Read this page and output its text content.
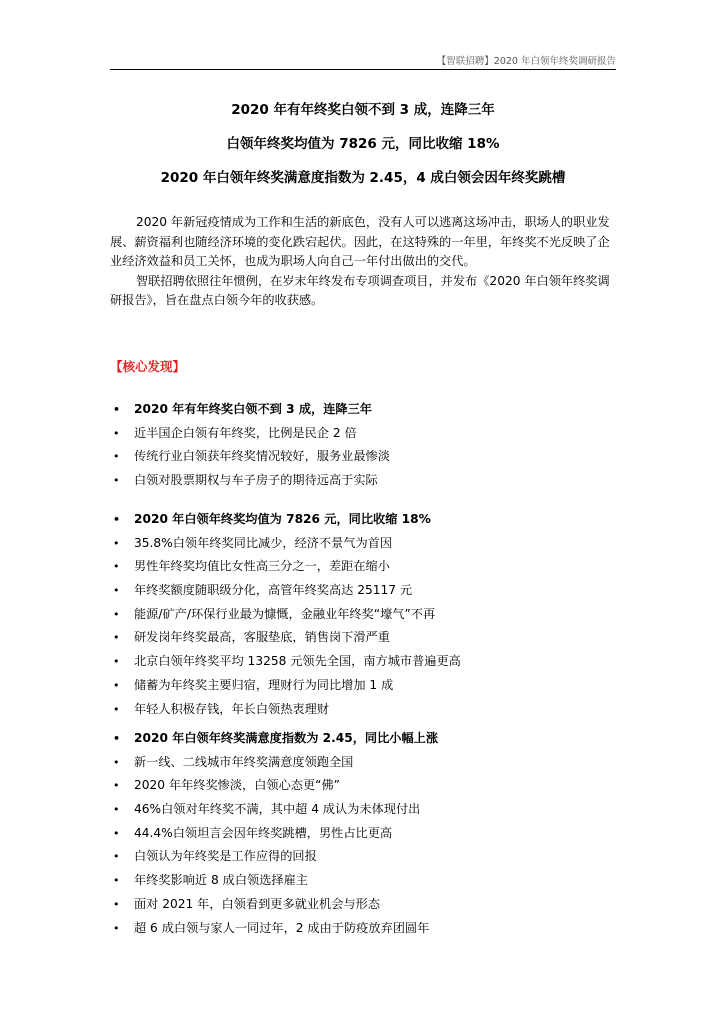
【智联招聘】2020 年白领年终奖调研报告
2020 年有年终奖白领不到 3 成，连降三年
白领年终奖均值为 7826 元，同比收缩 18%
2020 年白领年终奖满意度指数为 2.45，4 成白领会因年终奖跳槽

2020 年新冠疫情成为工作和生活的新底色，没有人可以逃离这场冲击，职场人的职业发展、薪资福利也随经济环境的变化跌宕起伏。因此，在这特殊的一年里，年终奖不光反映了企业经济效益和员工关怀，也成为职场人向自己一年付出做出的交代。

智联招聘依照往年惯例，在岁末年终发布专项调查项目，并发布《2020 年白领年终奖调研报告》，旨在盘点白领今年的收获感。

【核心发现】
• 2020 年有年终奖白领不到 3 成，连降三年
• 近半国企白领有年终奖，比例是民企 2 倍
• 传统行业白领获年终奖情况较好，服务业最惨淡
• 白领对股票期权与车子房子的期待远高于实际
• 2020 年白领年终奖均值为 7826 元，同比收缩 18%
• 35.8%白领年终奖同比减少，经济不景气为首因
• 男性年终奖均值比女性高三分之一，差距在缩小
• 年终奖额度随职级分化，高管年终奖高达 25117 元
• 能源/矿产/环保行业最为慷慨，金融业年终奖“壕气”不再
• 研发岗年终奖最高，客服垫底，销售岗下滑严重
• 北京白领年终奖平均 13258 元领先全国，南方城市普遍更高
• 储蓄为年终奖主要归宿，理财行为同比增加 1 成
• 年轻人积极存钱，年长白领热衷理财
• 2020 年白领年终奖满意度指数为 2.45，同比小幅上涨
• 新一线、二线城市年终奖满意度领跑全国
• 2020 年年终奖惨淡，白领心态更“佛”
• 46%白领对年终奖不满，其中超 4 成认为未体现付出
• 44.4%白领坦言会因年终奖跳槽，男性占比更高
• 白领认为年终奖是工作应得的回报
• 年终奖影响近 8 成白领选择雇主
• 面对 2021 年，白领看到更多就业机会与形态
• 超 6 成白领与家人一同过年，2 成由于防疫放弃团圆年
